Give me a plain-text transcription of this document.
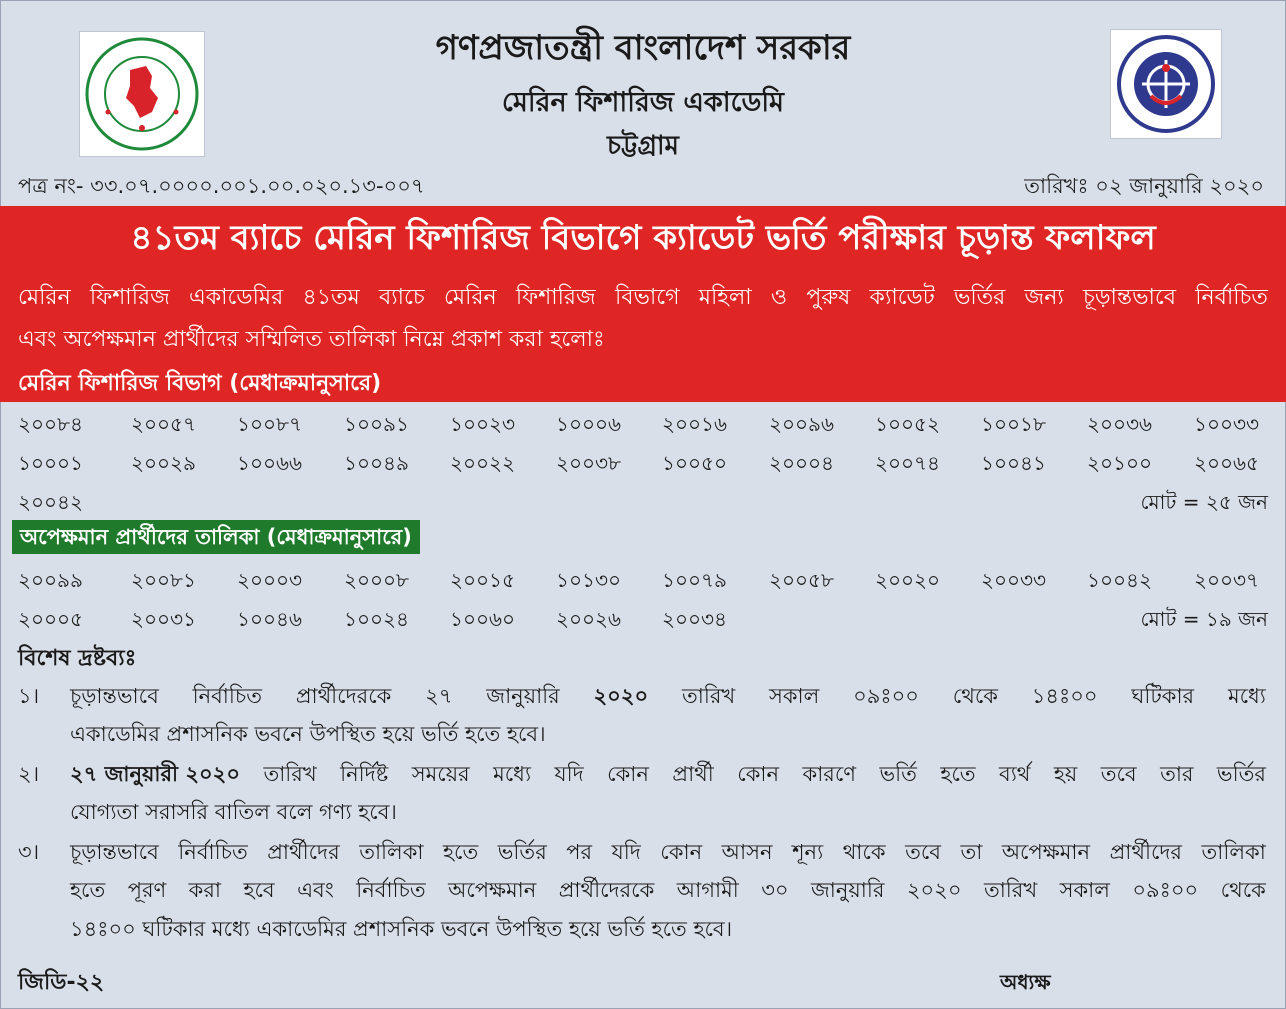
গণপ্রজাতন্ত্রী বাংলাদেশ সরকার
মেরিন ফিশারিজ একাডেমি
চট্টগ্রাম
পত্র নং- ৩৩.০৭.০০০০.০০১.০০.০২০.১৩-০০৭	তারিখঃ ০২ জানুয়ারি ২০২০
৪১তম ব্যাচে মেরিন ফিশারিজ বিভাগে ক্যাডেট ভর্তি পরীক্ষার চূড়ান্ত ফলাফল
মেরিন ফিশারিজ একাডেমির ৪১তম ব্যাচে মেরিন ফিশারিজ বিভাগে মহিলা ও পুরুষ ক্যাডেট ভর্তির জন্য চূড়ান্তভাবে নির্বাচিত
এবং অপেক্ষমান প্রার্থীদের সম্মিলিত তালিকা নিম্নে প্রকাশ করা হলোঃ
মেরিন ফিশারিজ বিভাগ (মেধাক্রমানুসারে)
২০০৮৪ ২০০৫৭ ১০০৮৭ ১০০৯১ ১০০২৩ ১০০০৬ ২০০১৬ ২০০৯৬ ১০০৫২ ১০০১৮ ২০০৩৬ ১০০৩৩
১০০০১ ২০০২৯ ১০০৬৬ ১০০৪৯ ২০০২২ ২০০৩৮ ১০০৫০ ২০০০৪ ২০০৭৪ ১০০৪১ ২০১০০ ২০০৬৫
২০০৪২	মোট = ২৫ জন
অপেক্ষমান প্রার্থীদের তালিকা (মেধাক্রমানুসারে)
২০০৯৯ ২০০৮১ ২০০০৩ ২০০০৮ ২০০১৫ ১০১৩০ ১০০৭৯ ২০০৫৮ ২০০২০ ২০০৩৩ ১০০৪২ ২০০৩৭
২০০০৫ ২০০৩১ ১০০৪৬ ১০০২৪ ১০০৬০ ২০০২৬ ২০০৩৪	মোট = ১৯ জন
বিশেষ দ্রষ্টব্যঃ
১। চূড়ান্তভাবে নির্বাচিত প্রার্থীদেরকে ২৭ জানুয়ারি ২০২০ তারিখ সকাল ০৯ঃ০০ থেকে ১৪ঃ০০ ঘটিকার মধ্যে
একাডেমির প্রশাসনিক ভবনে উপস্থিত হয়ে ভর্তি হতে হবে।
২। ২৭ জানুয়ারী ২০২০ তারিখ নির্দিষ্ট সময়ের মধ্যে যদি কোন প্রার্থী কোন কারণে ভর্তি হতে ব্যর্থ হয় তবে তার ভর্তির
যোগ্যতা সরাসরি বাতিল বলে গণ্য হবে।
৩। চূড়ান্তভাবে নির্বাচিত প্রার্থীদের তালিকা হতে ভর্তির পর যদি কোন আসন শূন্য থাকে তবে তা অপেক্ষমান প্রার্থীদের তালিকা
হতে পূরণ করা হবে এবং নির্বাচিত অপেক্ষমান প্রার্থীদেরকে আগামী ৩০ জানুয়ারি ২০২০ তারিখ সকাল ০৯ঃ০০ থেকে
১৪ঃ০০ ঘটিকার মধ্যে একাডেমির প্রশাসনিক ভবনে উপস্থিত হয়ে ভর্তি হতে হবে।
জিডি-২২	অধ্যক্ষ
